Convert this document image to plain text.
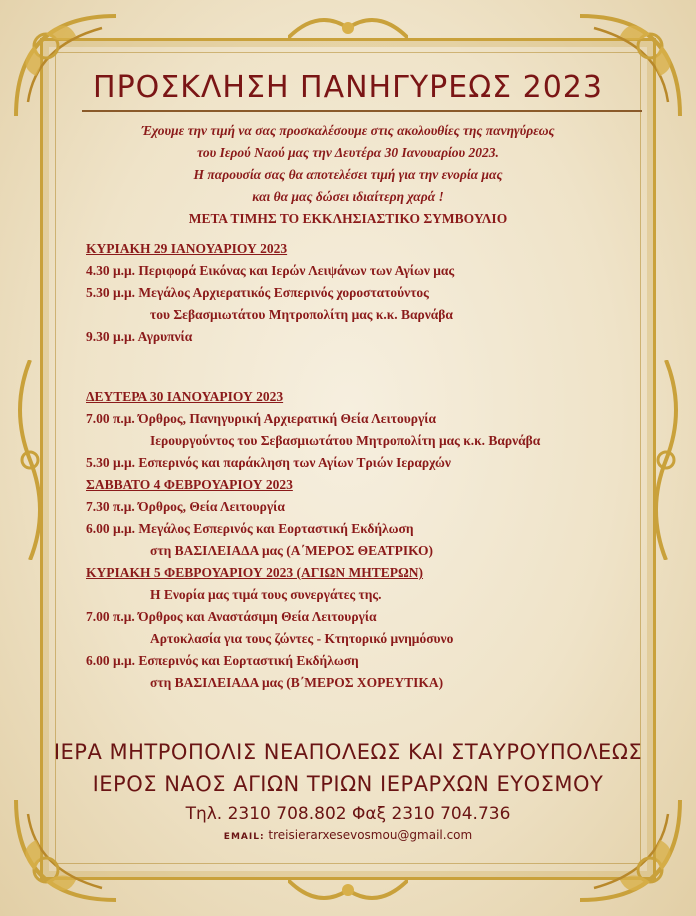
ΠΡΟΣΚΛΗΣΗ ΠΑΝΗΓΥΡΕΩΣ 2023
Έχουμε την τιμή να σας προσκαλέσουμε στις ακολουθίες της πανηγύρεως
του Ιερού Ναού μας την Δευτέρα 30 Ιανουαρίου 2023.
Η παρουσία σας θα αποτελέσει τιμή για την ενορία μας
και θα μας δώσει ιδιαίτερη χαρά !
ΜΕΤΑ ΤΙΜΗΣ ΤΟ ΕΚΚΛΗΣΙΑΣΤΙΚΟ ΣΥΜΒΟΥΛΙΟ
ΚΥΡΙΑΚΗ 29 ΙΑΝΟΥΑΡΙΟΥ 2023
4.30 μ.μ. Περιφορά Εικόνας και Ιερών Λειψάνων των Αγίων μας
5.30 μ.μ. Μεγάλος Αρχιερατικός Εσπερινός χοροστατούντος
του Σεβασμιωτάτου Μητροπολίτη μας κ.κ. Βαρνάβα
9.30 μ.μ. Αγρυπνία
ΔΕΥΤΕΡΑ 30 ΙΑΝΟΥΑΡΙΟΥ 2023
7.00 π.μ. Όρθρος, Πανηγυρική Αρχιερατική Θεία Λειτουργία
Ιερουργούντος του Σεβασμιωτάτου Μητροπολίτη μας κ.κ. Βαρνάβα
5.30 μ.μ. Εσπερινός και παράκληση των Αγίων Τριών Ιεραρχών
ΣΑΒΒΑΤΟ 4 ΦΕΒΡΟΥΑΡΙΟΥ 2023
7.30 π.μ. Όρθρος, Θεία Λειτουργία
6.00 μ.μ. Μεγάλος Εσπερινός και Εορταστική Εκδήλωση
στη ΒΑΣΙΛΕΙΑΔΑ μας (Α΄ΜΕΡΟΣ ΘΕΑΤΡΙΚΟ)
ΚΥΡΙΑΚΗ 5 ΦΕΒΡΟΥΑΡΙΟΥ 2023 (ΑΓΙΩΝ ΜΗΤΕΡΩΝ)
Η Ενορία μας τιμά τους συνεργάτες της.
7.00 π.μ. Όρθρος και Αναστάσιμη Θεία Λειτουργία
Αρτοκλασία για τους ζώντες - Κτητορικό μνημόσυνο
6.00 μ.μ. Εσπερινός και Εορταστική Εκδήλωση
στη ΒΑΣΙΛΕΙΑΔΑ μας (Β΄ΜΕΡΟΣ ΧΟΡΕΥΤΙΚΑ)
ΙΕΡΑ ΜΗΤΡΟΠΟΛΙΣ ΝΕΑΠΟΛΕΩΣ ΚΑΙ ΣΤΑΥΡΟΥΠΟΛΕΩΣ
ΙΕΡΟΣ ΝΑΟΣ ΑΓΙΩΝ ΤΡΙΩΝ ΙΕΡΑΡΧΩΝ ΕΥΟΣΜΟΥ
Τηλ. 2310 708.802 Φαξ 2310 704.736
EMAIL: treisierarxesevosmou@gmail.com
